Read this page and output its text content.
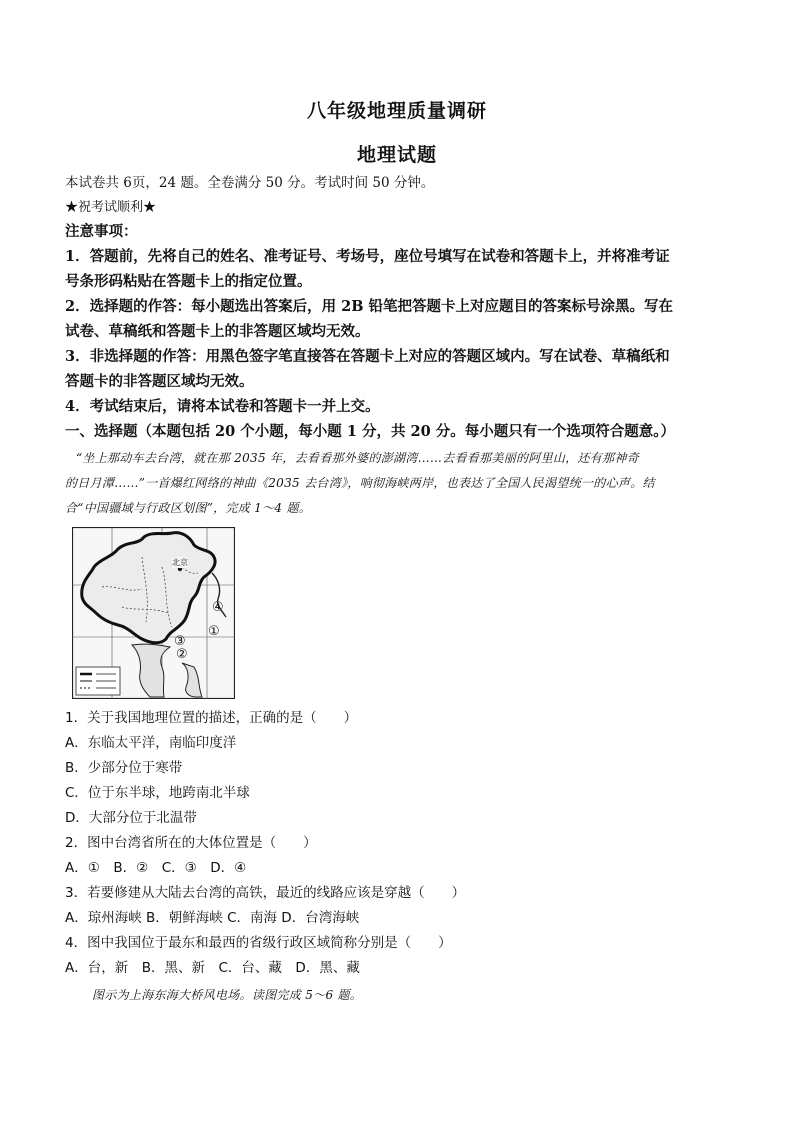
八年级地理质量调研
地理试题
本试卷共 6页，24 题。全卷满分 50 分。考试时间 50 分钟。
★祝考试顺利★
注意事项：
1．答题前，先将自己的姓名、准考证号、考场号，座位号填写在试卷和答题卡上，并将准考证
号条形码粘贴在答题卡上的指定位置。
2．选择题的作答：每小题选出答案后，用 2B 铅笔把答题卡上对应题目的答案标号涂黑。写在
试卷、草稿纸和答题卡上的非答题区域均无效。
3．非选择题的作答：用黑色签字笔直接答在答题卡上对应的答题区域内。写在试卷、草稿纸和
答题卡的非答题区域均无效。
4．考试结束后，请将本试卷和答题卡一并上交。
一、选择题（本题包括 20 个小题，每小题 1 分，共 20 分。每小题只有一个选项符合题意。）
“坐上那动车去台湾，就在那 2035 年，去看看那外婆的澎湖湾……去看看那美丽的阿里山，还有那神奇
的日月潭……”一首爆红网络的神曲《2035 去台湾》，响彻海峡两岸，也表达了全国人民渴望统一的心声。结
合“中国疆域与行政区划图”，完成 1～4 题。
北京
④
①
③
②
1．关于我国地理位置的描述，正确的是（　　）
A．东临太平洋，南临印度洋
B．少部分位于寒带
C．位于东半球，地跨南北半球
D．大部分位于北温带
2．图中台湾省所在的大体位置是（　　）
A．①　B．②　C．③　D．④
3．若要修建从大陆去台湾的高铁，最近的线路应该是穿越（　　）
A．琼州海峡 B．朝鲜海峡 C．南海 D．台湾海峡
4．图中我国位于最东和最西的省级行政区域简称分别是（　　）
A．台，新　B．黑、新　C．台、藏　D．黑、藏
图示为上海东海大桥风电场。读图完成 5～6 题。
